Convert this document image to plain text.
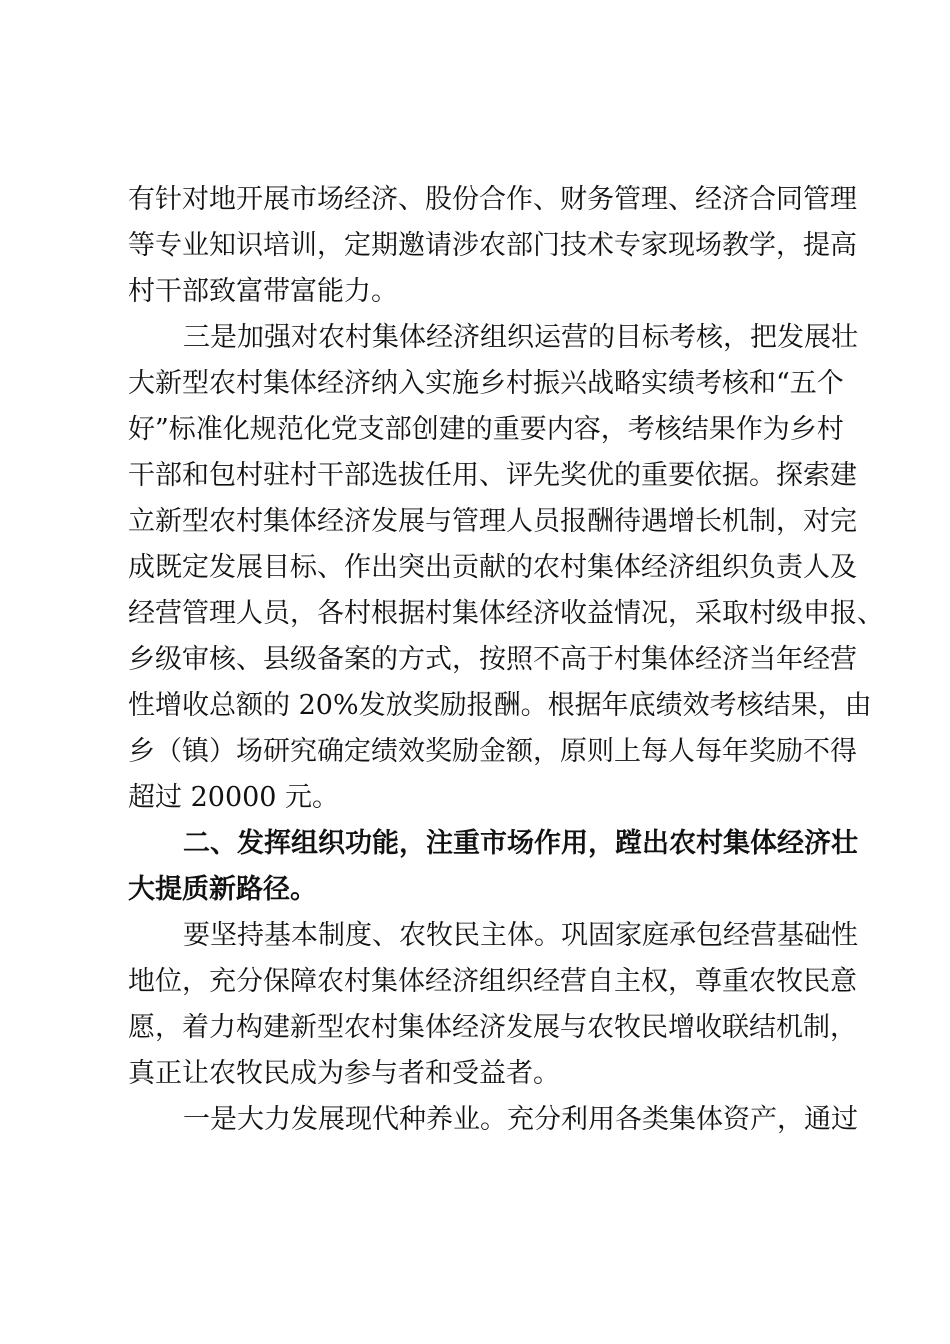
有针对地开展市场经济、股份合作、财务管理、经济合同管理
等专业知识培训，定期邀请涉农部门技术专家现场教学，提高
村干部致富带富能力。
三是加强对农村集体经济组织运营的目标考核，把发展壮
大新型农村集体经济纳入实施乡村振兴战略实绩考核和“五个
好”标准化规范化党支部创建的重要内容，考核结果作为乡村
干部和包村驻村干部选拔任用、评先奖优的重要依据。探索建
立新型农村集体经济发展与管理人员报酬待遇增长机制，对完
成既定发展目标、作出突出贡献的农村集体经济组织负责人及
经营管理人员，各村根据村集体经济收益情况，采取村级申报、
乡级审核、县级备案的方式，按照不高于村集体经济当年经营
性增收总额的 20%发放奖励报酬。根据年底绩效考核结果，由
乡（镇）场研究确定绩效奖励金额，原则上每人每年奖励不得
超过 20000 元。
二、发挥组织功能，注重市场作用，蹚出农村集体经济壮
大提质新路径。
要坚持基本制度、农牧民主体。巩固家庭承包经营基础性
地位，充分保障农村集体经济组织经营自主权，尊重农牧民意
愿，着力构建新型农村集体经济发展与农牧民增收联结机制，
真正让农牧民成为参与者和受益者。
一是大力发展现代种养业。充分利用各类集体资产，通过
